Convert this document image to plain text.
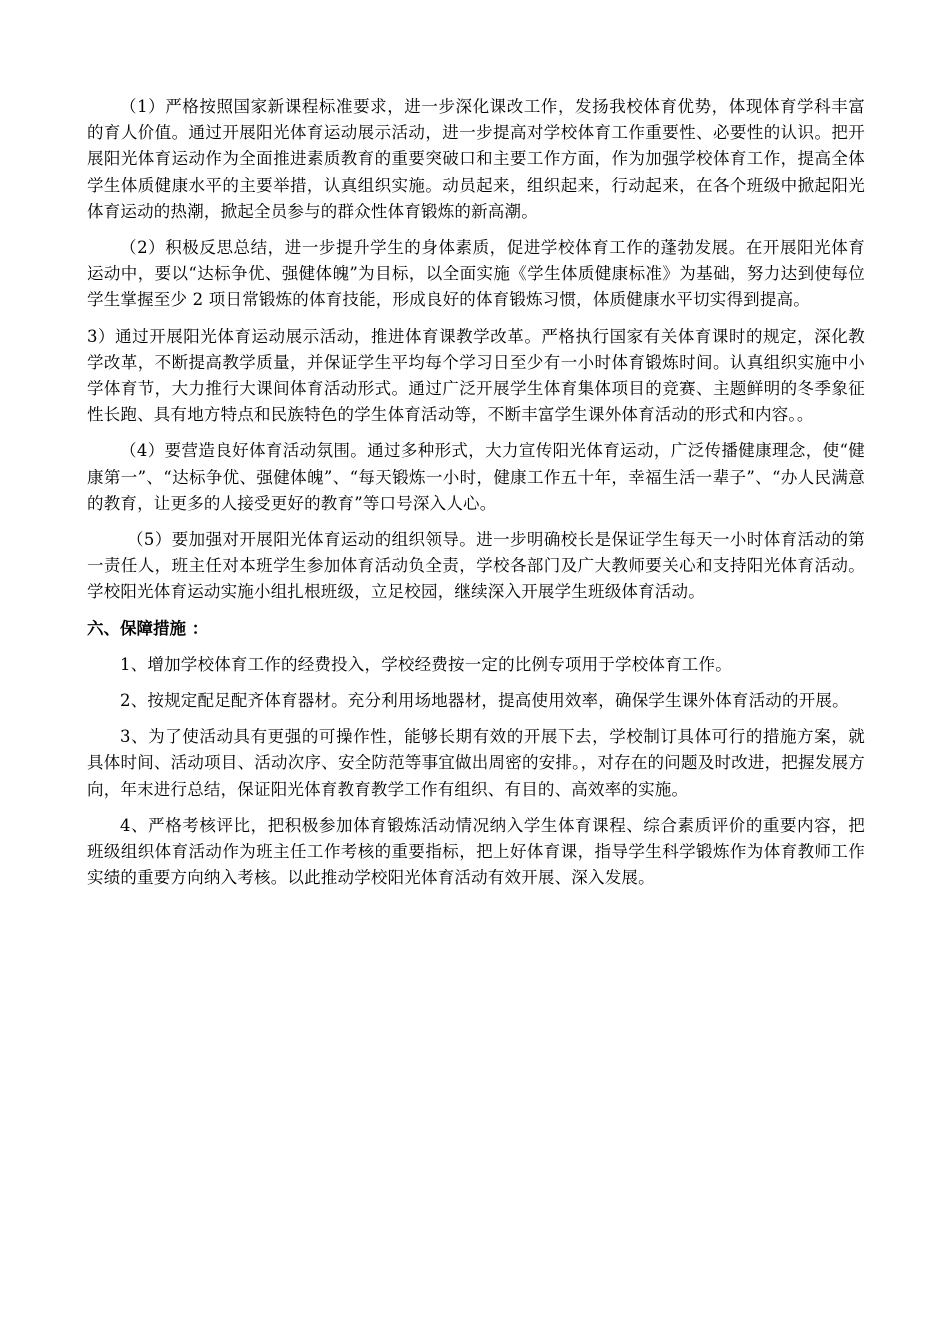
（1）严格按照国家新课程标准要求，进一步深化课改工作，发扬我校体育优势，体现体育学科丰富的育人价值。通过开展阳光体育运动展示活动，进一步提高对学校体育工作重要性、必要性的认识。把开展阳光体育运动作为全面推进素质教育的重要突破口和主要工作方面，作为加强学校体育工作，提高全体学生体质健康水平的主要举措，认真组织实施。动员起来，组织起来，行动起来，在各个班级中掀起阳光体育运动的热潮，掀起全员参与的群众性体育锻炼的新高潮。

（2）积极反思总结，进一步提升学生的身体素质，促进学校体育工作的蓬勃发展。在开展阳光体育运动中，要以“达标争优、强健体魄”为目标，以全面实施《学生体质健康标准》为基础，努力达到使每位学生掌握至少 2 项日常锻炼的体育技能，形成良好的体育锻炼习惯，体质健康水平切实得到提高。

3）通过开展阳光体育运动展示活动，推进体育课教学改革。严格执行国家有关体育课时的规定，深化教学改革，不断提高教学质量，并保证学生平均每个学习日至少有一小时体育锻炼时间。认真组织实施中小学体育节，大力推行大课间体育活动形式。通过广泛开展学生体育集体项目的竞赛、主题鲜明的冬季象征性长跑、具有地方特点和民族特色的学生体育活动等，不断丰富学生课外体育活动的形式和内容。。

（4）要营造良好体育活动氛围。通过多种形式，大力宣传阳光体育运动，广泛传播健康理念，使“健康第一”、“达标争优、强健体魄”、“每天锻炼一小时，健康工作五十年，幸福生活一辈子”、“办人民满意的教育，让更多的人接受更好的教育”等口号深入人心。

（5）要加强对开展阳光体育运动的组织领导。进一步明确校长是保证学生每天一小时体育活动的第一责任人，班主任对本班学生参加体育活动负全责，学校各部门及广大教师要关心和支持阳光体育活动。学校阳光体育运动实施小组扎根班级，立足校园，继续深入开展学生班级体育活动。

六、保障措施 ：

1、增加学校体育工作的经费投入，学校经费按一定的比例专项用于学校体育工作。

2、按规定配足配齐体育器材。充分利用场地器材，提高使用效率，确保学生课外体育活动的开展。

3、为了使活动具有更强的可操作性，能够长期有效的开展下去，学校制订具体可行的措施方案，就具体时间、活动项目、活动次序、安全防范等事宜做出周密的安排。，对存在的问题及时改进，把握发展方向，年末进行总结，保证阳光体育教育教学工作有组织、有目的、高效率的实施。

4、严格考核评比，把积极参加体育锻炼活动情况纳入学生体育课程、综合素质评价的重要内容，把班级组织体育活动作为班主任工作考核的重要指标，把上好体育课，指导学生科学锻炼作为体育教师工作实绩的重要方向纳入考核。以此推动学校阳光体育活动有效开展、深入发展。
